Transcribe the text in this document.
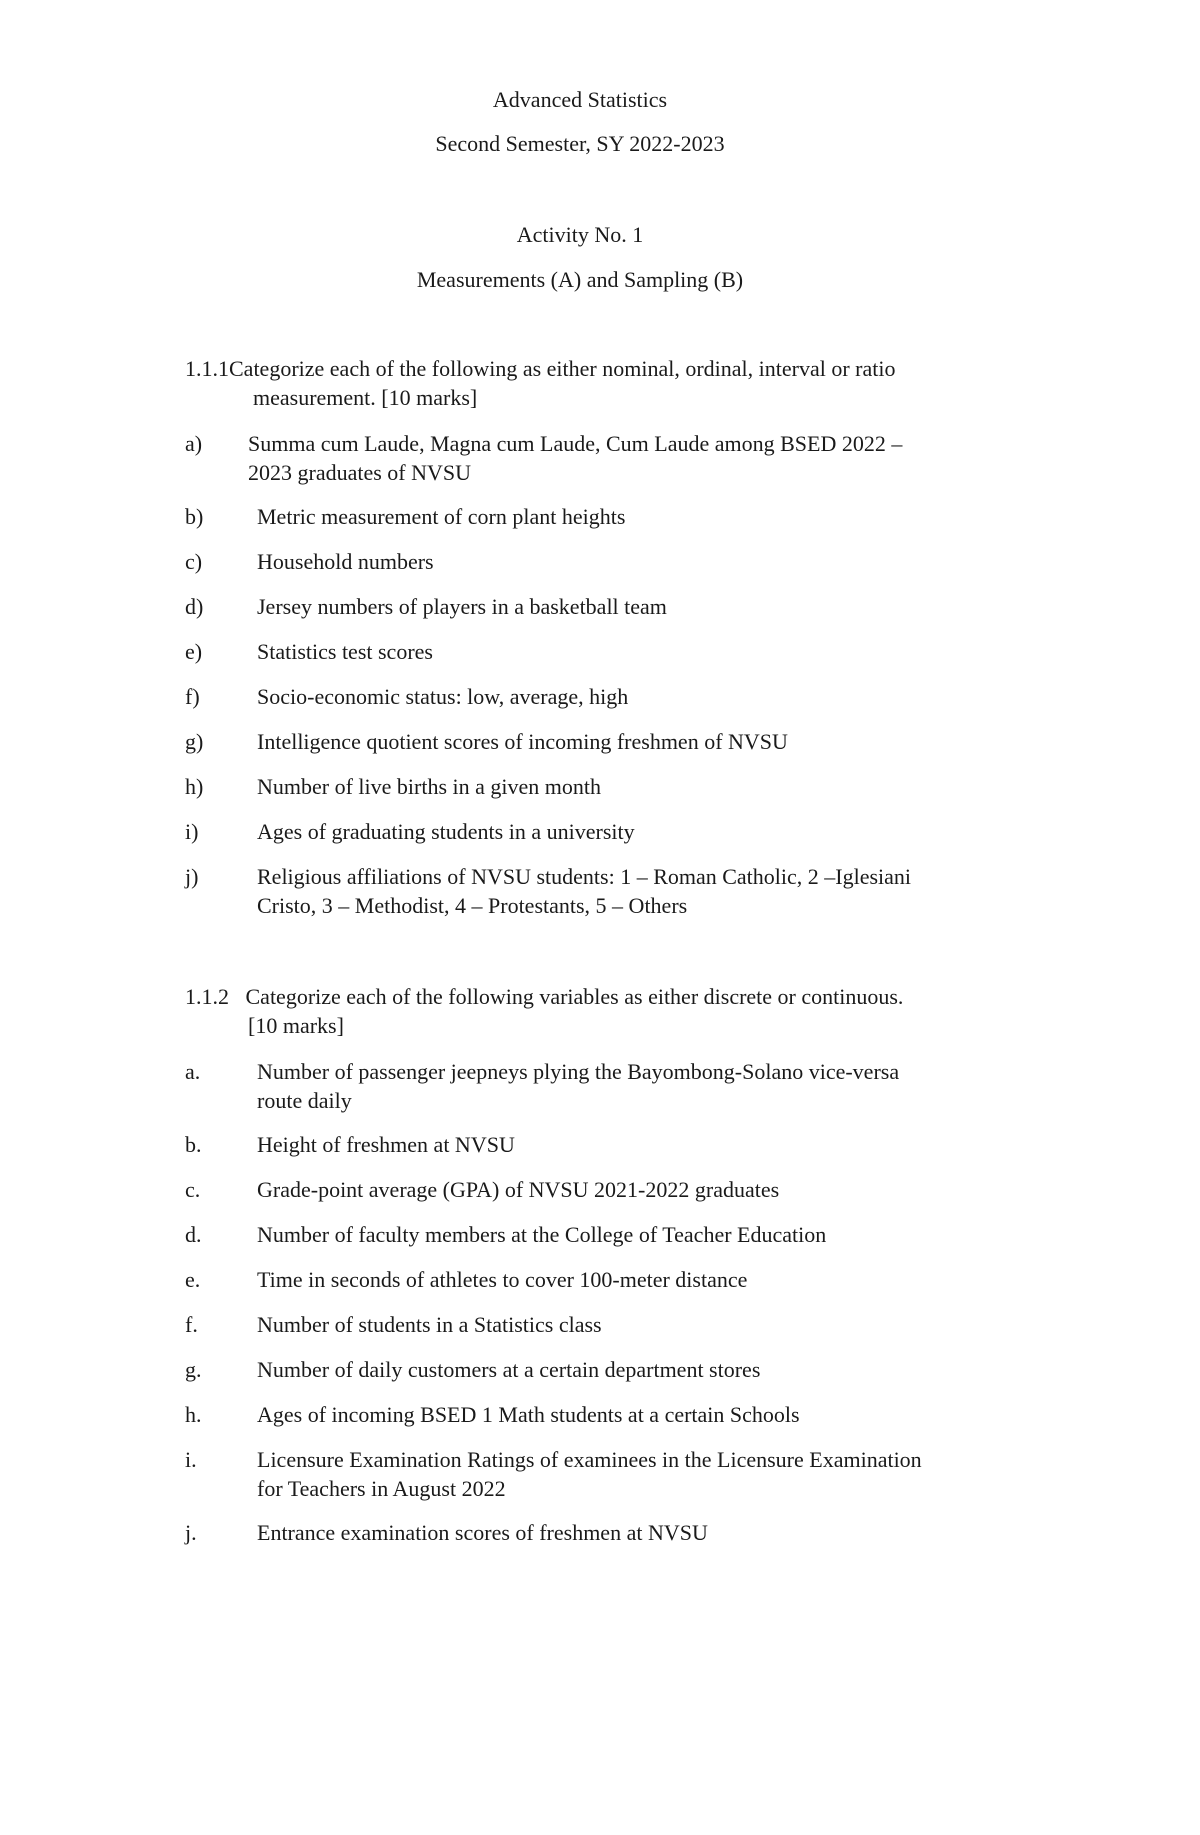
Advanced Statistics
Second Semester, SY 2022-2023
Activity No. 1
Measurements (A) and Sampling (B)
1.1.1Categorize each of the following as either nominal, ordinal, interval or ratio
measurement. [10 marks]
a) Summa cum Laude, Magna cum Laude, Cum Laude among BSED 2022 –
2023 graduates of NVSU
b) Metric measurement of corn plant heights
c) Household numbers
d) Jersey numbers of players in a basketball team
e) Statistics test scores
f)	Socio-economic status: low, average, high
g) Intelligence quotient scores of incoming freshmen of NVSU
h) Number of live births in a given month
i)	Ages of graduating students in a university
j)	Religious affiliations of NVSU students: 1 – Roman Catholic, 2 –Iglesiani
Cristo, 3 – Methodist, 4 – Protestants, 5 – Others
1.1.2 Categorize each of the following variables as either discrete or continuous.
[10 marks]
a.	Number of passenger jeepneys plying the Bayombong-Solano vice-versa
route daily
b.	Height of freshmen at NVSU
c.	Grade-point average (GPA) of NVSU 2021-2022 graduates
d.	Number of faculty members at the College of Teacher Education
e.	Time in seconds of athletes to cover 100-meter distance
f.	Number of students in a Statistics class
g.	Number of daily customers at a certain department stores
h.	Ages of incoming BSED 1 Math students at a certain Schools
i.	Licensure Examination Ratings of examinees in the Licensure Examination
for Teachers in August 2022
j.	Entrance examination scores of freshmen at NVSU
